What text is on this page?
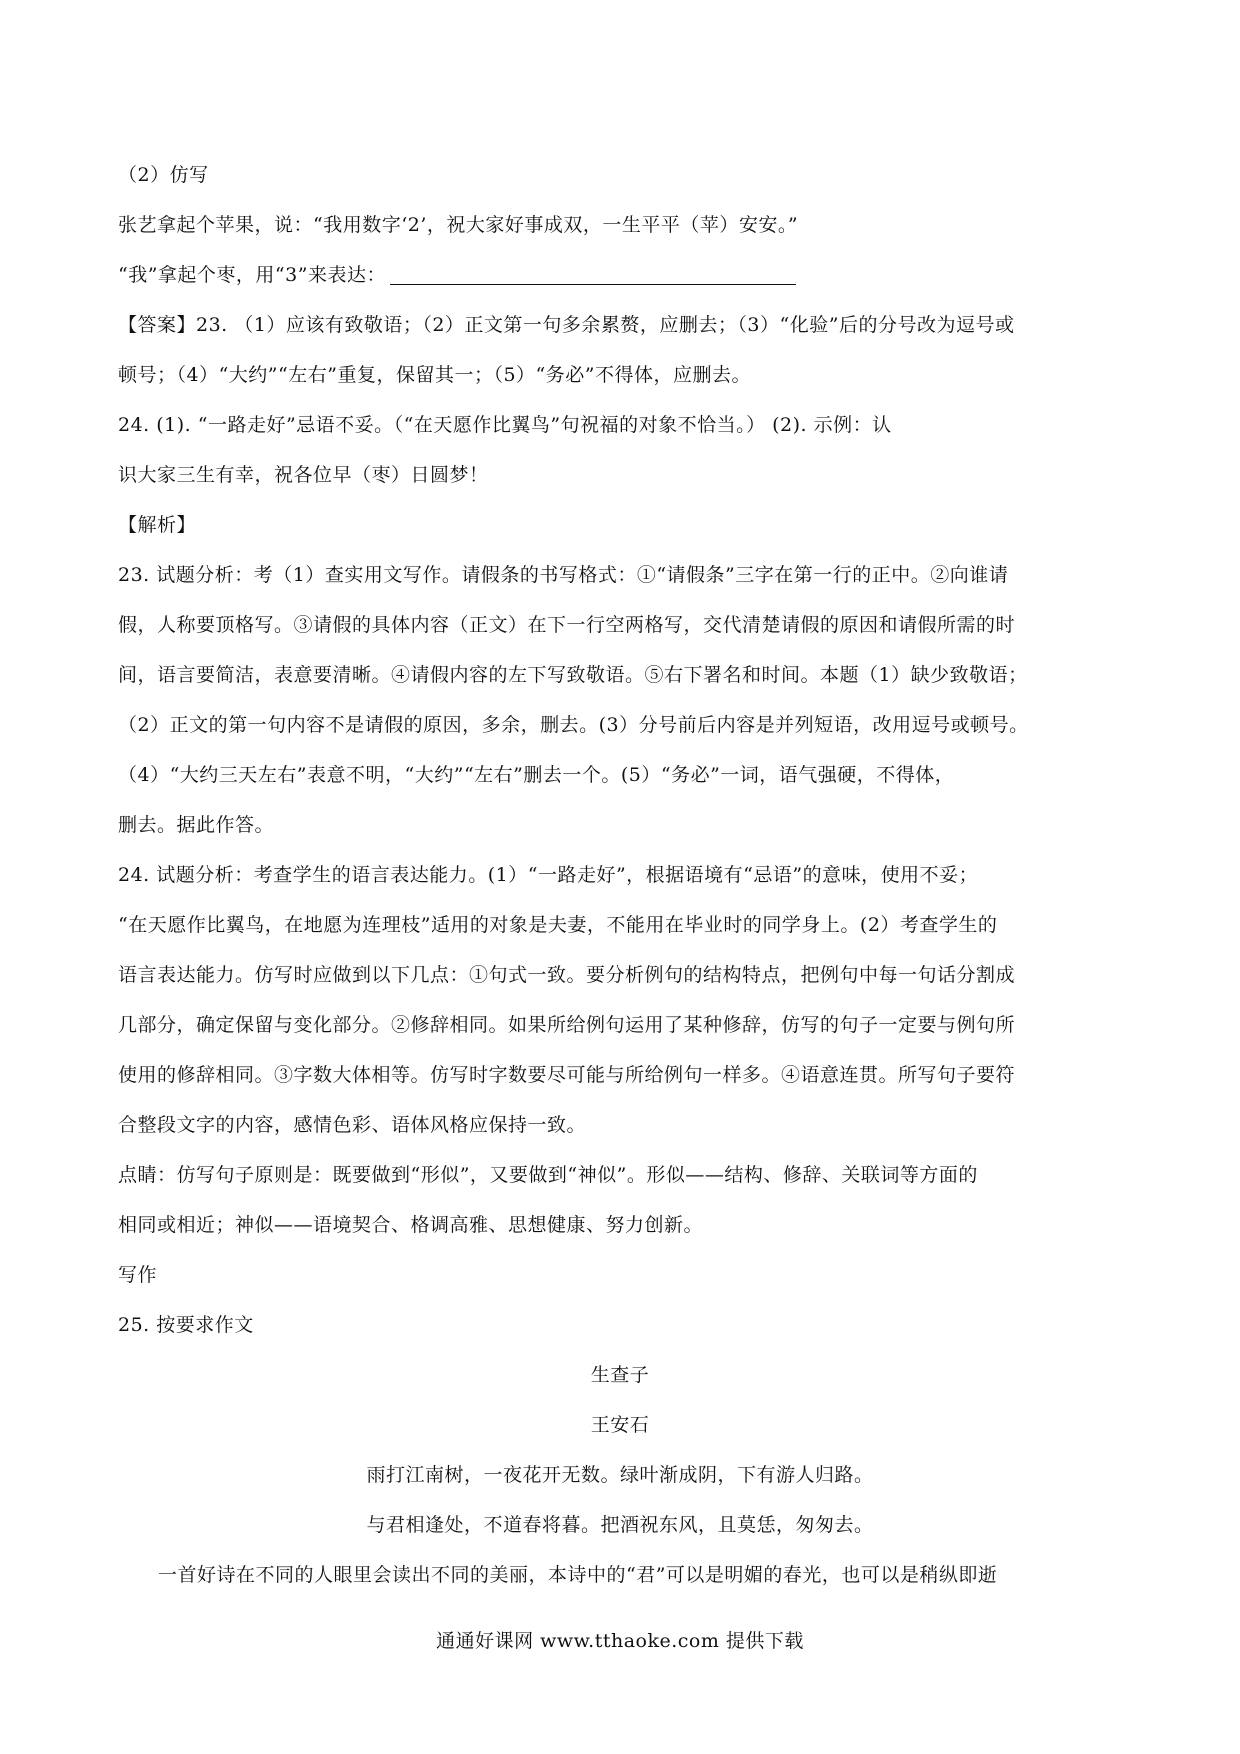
（2）仿写
张艺拿起个苹果，说：“我用数字‘2’，祝大家好事成双，一生平平（苹）安安。”
“我”拿起个枣，用“3”来表达：
【答案】23. （1）应该有致敬语；（2）正文第一句多余累赘，应删去；（3）“化验”后的分号改为逗号或
顿号；（4）“大约”“左右”重复，保留其一；（5）“务必”不得体，应删去。
24. (1). “一路走好”忌语不妥。（“在天愿作比翼鸟”句祝福的对象不恰当。） (2). 示例：认
识大家三生有幸，祝各位早（枣）日圆梦！
【解析】
23. 试题分析：考（1）查实用文写作。请假条的书写格式：①“请假条”三字在第一行的正中。②向谁请
假，人称要顶格写。③请假的具体内容（正文）在下一行空两格写，交代清楚请假的原因和请假所需的时
间，语言要简洁，表意要清晰。④请假内容的左下写致敬语。⑤右下署名和时间。本题（1）缺少致敬语；
（2）正文的第一句内容不是请假的原因，多余，删去。(3）分号前后内容是并列短语，改用逗号或顿号。
（4）“大约三天左右”表意不明，“大约”“左右”删去一个。(5）“务必”一词，语气强硬，不得体，
删去。据此作答。
24. 试题分析：考查学生的语言表达能力。(1）“一路走好”，根据语境有“忌语”的意味，使用不妥；
“在天愿作比翼鸟，在地愿为连理枝”适用的对象是夫妻，不能用在毕业时的同学身上。(2）考查学生的
语言表达能力。仿写时应做到以下几点：①句式一致。要分析例句的结构特点，把例句中每一句话分割成
几部分，确定保留与变化部分。②修辞相同。如果所给例句运用了某种修辞，仿写的句子一定要与例句所
使用的修辞相同。③字数大体相等。仿写时字数要尽可能与所给例句一样多。④语意连贯。所写句子要符
合整段文字的内容，感情色彩、语体风格应保持一致。
点睛：仿写句子原则是：既要做到“形似”，又要做到“神似”。形似——结构、修辞、关联词等方面的
相同或相近；神似——语境契合、格调高雅、思想健康、努力创新。
写作
25. 按要求作文
生查子
王安石
雨打江南树，一夜花开无数。绿叶渐成阴，下有游人归路。
与君相逢处，不道春将暮。把酒祝东风，且莫恁，匆匆去。
一首好诗在不同的人眼里会读出不同的美丽，本诗中的“君”可以是明媚的春光，也可以是稍纵即逝
通通好课网 www.tthaoke.com 提供下载
